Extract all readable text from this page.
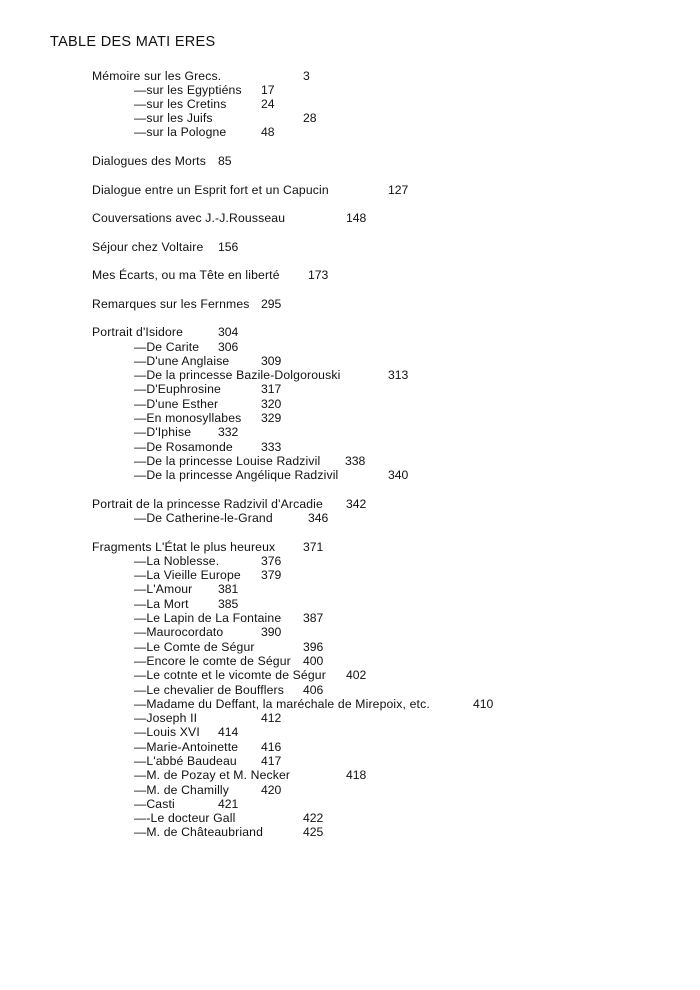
TABLE DES MATI ERES
Mémoire sur les Grecs.	3
—sur les Egyptiéns 17
—sur les Cretins	24
—sur les Juifs	28
—sur la Pologne	48
Dialogues des Morts 85
Dialogue entre un Esprit fort et un Capucin	127
Couversations avec J.-J.Rousseau	148
Séjour chez Voltaire 156
Mes Écarts, ou ma Tête en liberté 173
Remarques sur les Fernmes 295
Portrait d'Isidore	304
—De Carite 306
—D'une Anglaise	309
—De la princesse Bazile-Dolgorouski	313
—D'Euphrosine	317
—D'une Esther	320
—En monosyllabes 329
—D'Iphise 332
—De Rosamonde 333
—De la princesse Louise Radzivil 338
—De la princesse Angélique Radzivil	340
Portrait de la princesse Radzivil d'Arcadie 342
—De Catherine-le-Grand	346
Fragments L'État le plus heureux 371
—La Noblesse.	376
—La Vieille Europe 379
—L'Amour 381
—La Mort 385
—Le Lapin de La Fontaine 387
—Maurocordato	390
—Le Comte de Ségur	396
—Encore le comte de Ségur 400
—Le cotnte et le vicomte de Ségur 402
—Le chevalier de Boufflers 406
—Madame du Deffant, la maréchale de Mirepoix, etc.	410
—Joseph II	412
—Louis XVI 414
—Marie-Antoinette 416
—L'abbé Baudeau 417
—M. de Pozay et M. Necker	418
—M. de Chamilly	420
—Casti	421
—-Le docteur Gall	422
—M. de Châteaubriand	425
